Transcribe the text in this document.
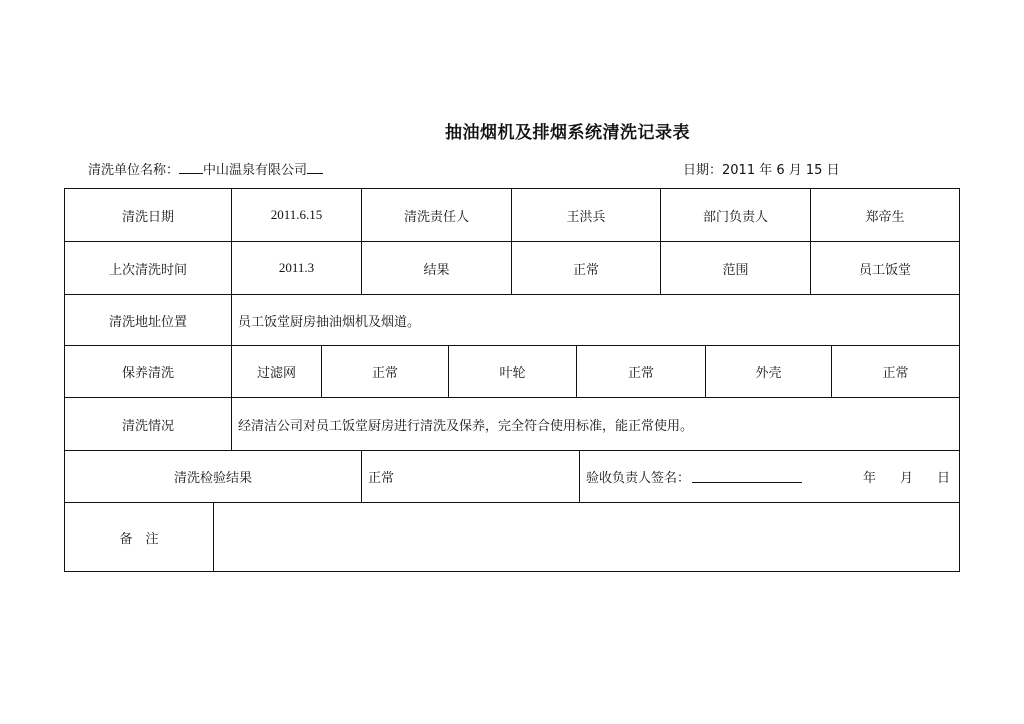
抽油烟机及排烟系统清洗记录表
清洗单位名称： 中山温泉有限公司	日期：2011 年 6 月 15 日
清洗日期	2011.6.15	清洗责任人	王洪兵	部门负责人	郑帝生
上次清洗时间	2011.3	结果	正常	范围	员工饭堂
清洗地址位置	员工饭堂厨房抽油烟机及烟道。
保养清洗	过滤网	正常	叶轮	正常	外壳	正常
清洗情况	经清洁公司对员工饭堂厨房进行清洗及保养，完全符合使用标准，能正常使用。
清洗检验结果	正常	验收负责人签名：	年 月 日
备　注
